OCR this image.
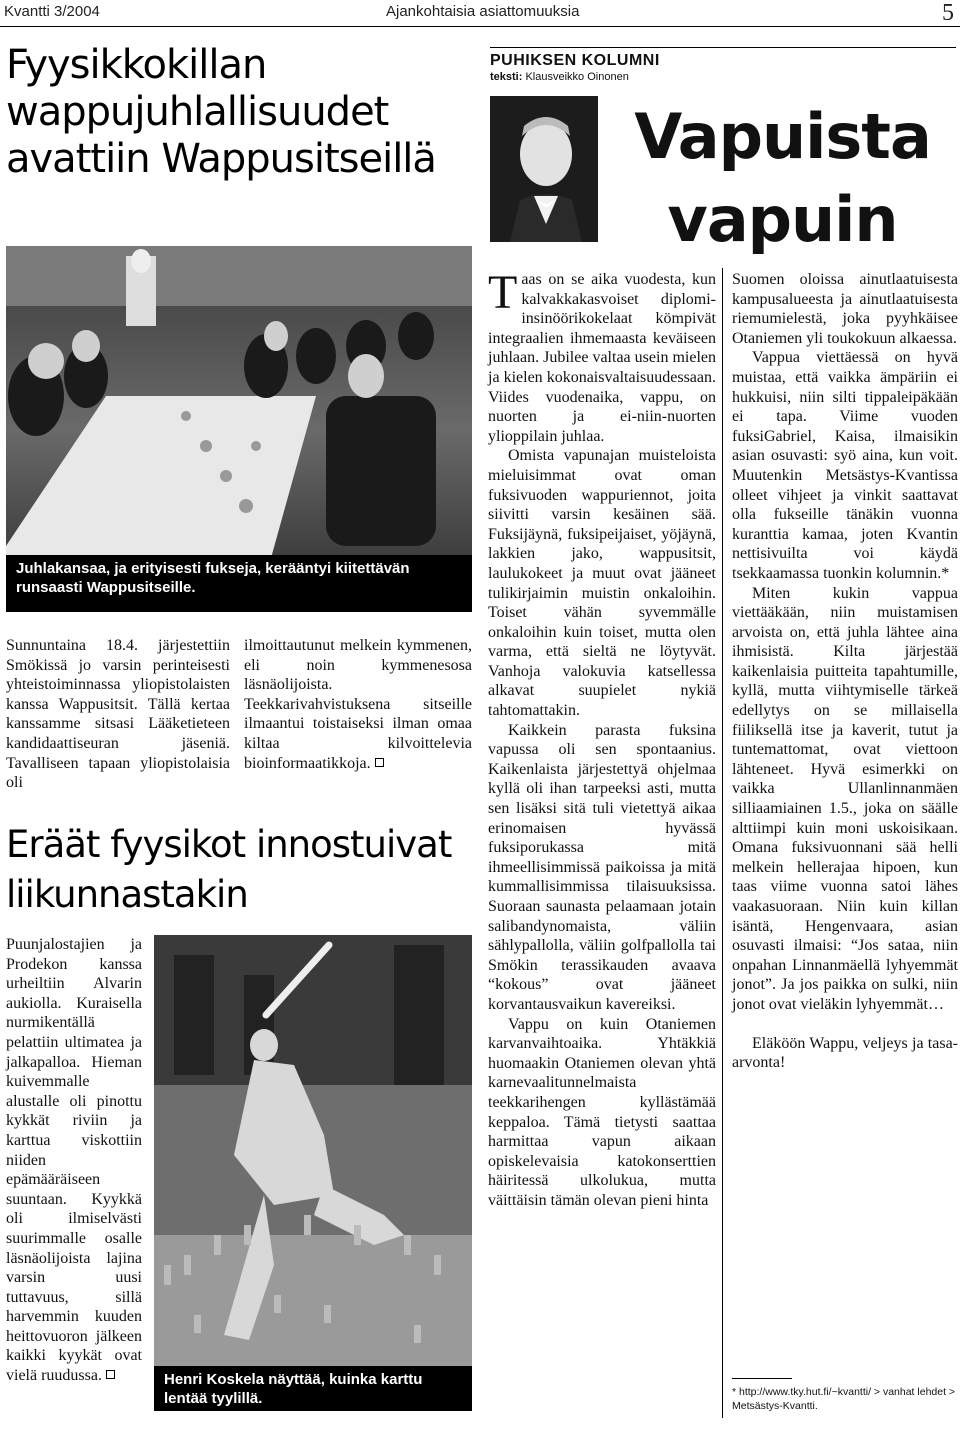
Kvantti 3/2004	Ajankohtaisia asiattomuuksia	5
Fyysikkokillan wappujuhlallisuudet avattiin Wappusitseillä
Juhlakansaa, ja erityisesti fukseja, kerääntyi kiitettävän runsaasti Wappusitseille.

Sunnuntaina 18.4. järjestettiin Smökissä jo varsin perinteisesti yhteistoiminnassa yliopistolaisten kanssa Wappusitsit. Tällä kertaa kanssamme sitsasi Lääketieteen kandidaattiseuran jäseniä. Tavalliseen tapaan yliopistolaisia oli

ilmoittautunut melkein kymmenen, eli noin kymmenesosa läsnäolijoista. Teekkarivahvistuksena sitseille ilmaantui toistaiseksi ilman omaa kiltaa kilvoittelevia bioinformaatikkoja.

Eräät fyysikot innostuivat liikunnastakin

Puunjalostajien ja Prodekon kanssa urheiltiin Alvarin aukiolla. Kuraisella nurmikentällä pelattiin ultimatea ja jalkapalloa. Hieman kuivemmalle alustalle oli pinottu kykkät riviin ja karttua viskottiin niiden epämääräiseen suuntaan. Kyykkä oli ilmiselvästi suurimmalle osalle läsnäolijoista lajina varsin uusi tuttavuus, sillä harvemmin kuuden heittovuoron jälkeen kaikki kyykät ovat vielä ruudussa.	Henri Koskela näyttää, kuinka karttu lentää tyylillä.
PUHIKSEN KOLUMNI
teksti: Klausveikko Oinonen
Vapuista vapuin

Taas on se aika vuodesta, kun kalvakkakasvoiset diplomi-insinöörikokelaat kömpivät integraalien ihmemaasta keväiseen juhlaan. Jubilee valtaa usein mielen ja kielen kokonaisvaltaisuudessaan. Viides vuodenaika, vappu, on nuorten ja ei-niin-nuorten ylioppilain juhlaa.

Omista vapunajan muisteloista mieluisimmat ovat oman fuksivuoden wappuriennot, joita siivitti varsin kesäinen sää. Fuksijäynä, fuksipeijaiset, yöjäynä, lakkien jako, wappusitsit, laulukokeet ja muut ovat jääneet tulikirjaimin muistin onkaloihin. Toiset vähän syvemmälle onkaloihin kuin toiset, mutta olen varma, että sieltä ne löytyvät. Vanhoja valokuvia katsellessa alkavat suupielet nykiä tahtomattakin.

Kaikkein parasta fuksina vapussa oli sen spontaanius. Kaikenlaista järjestettyä ohjelmaa kyllä oli ihan tarpeeksi asti, mutta sen lisäksi sitä tuli vietettyä aikaa erinomaisen hyvässä fuksiporukassa mitä ihmeellisimmissä paikoissa ja mitä kummallisimmissa tilaisuuksissa. Suoraan saunasta pelaamaan jotain salibandynomaista, väliin sählypallolla, väliin golfpallolla tai Smökin terassikauden avaava “kokous” ovat jääneet korvantausvaikun kavereiksi.

Vappu on kuin Otaniemen karvanvaihtoaika. Yhtäkkiä huomaakin Otaniemen olevan yhtä karnevaalitunnelmaista teekkarihengen kyllästämää keppaloa. Tämä tietysti saattaa harmittaa vapun aikaan opiskelevaisia katokonserttien häiritessä ulkolukua, mutta väittäisin tämän olevan pieni hinta

Suomen oloissa ainutlaatuisesta kampusalueesta ja ainutlaatuisesta riemumielestä, joka pyyhkäisee Otaniemen yli toukokuun alkaessa.

Vappua viettäessä on hyvä muistaa, että vaikka ämpäriin ei hukkuisi, niin silti tippaleipäkään ei tapa. Viime vuoden fuksiGabriel, Kaisa, ilmaisikin asian osuvasti: syö aina, kun voit. Muutenkin Metsästys-Kvantissa olleet vihjeet ja vinkit saattavat olla fukseille tänäkin vuonna kuranttia kamaa, joten Kvantin nettisivuilta voi käydä tsekkaamassa tuonkin kolumnin.*

Miten kukin vappua viettääkään, niin muistamisen arvoista on, että juhla lähtee aina ihmisistä. Kilta järjestää kaikenlaisia puitteita tapahtumille, kyllä, mutta viihtymiselle tärkeä edellytys on se millaisella fiiliksellä itse ja kaverit, tutut ja tuntemattomat, ovat viettoon lähteneet. Hyvä esimerkki on vaikka Ullanlinnanmäen silliaamiainen 1.5., joka on säälle alttiimpi kuin moni uskoisikaan. Omana fuksivuonnani sää helli melkein hellerajaa hipoen, kun taas viime vuonna satoi lähes vaakasuoraan. Niin kuin killan isäntä, Hengenvaara, asian osuvasti ilmaisi: “Jos sataa, niin onpahan Linnanmäellä lyhyemmät jonot”. Ja jos paikka on sulki, niin jonot ovat vieläkin lyhyemmät…

Eläköön Wappu, veljeys ja tasa-arvonta!

* http://www.tky.hut.fi/~kvantti/ > vanhat lehdet > Metsästys-Kvantti.
